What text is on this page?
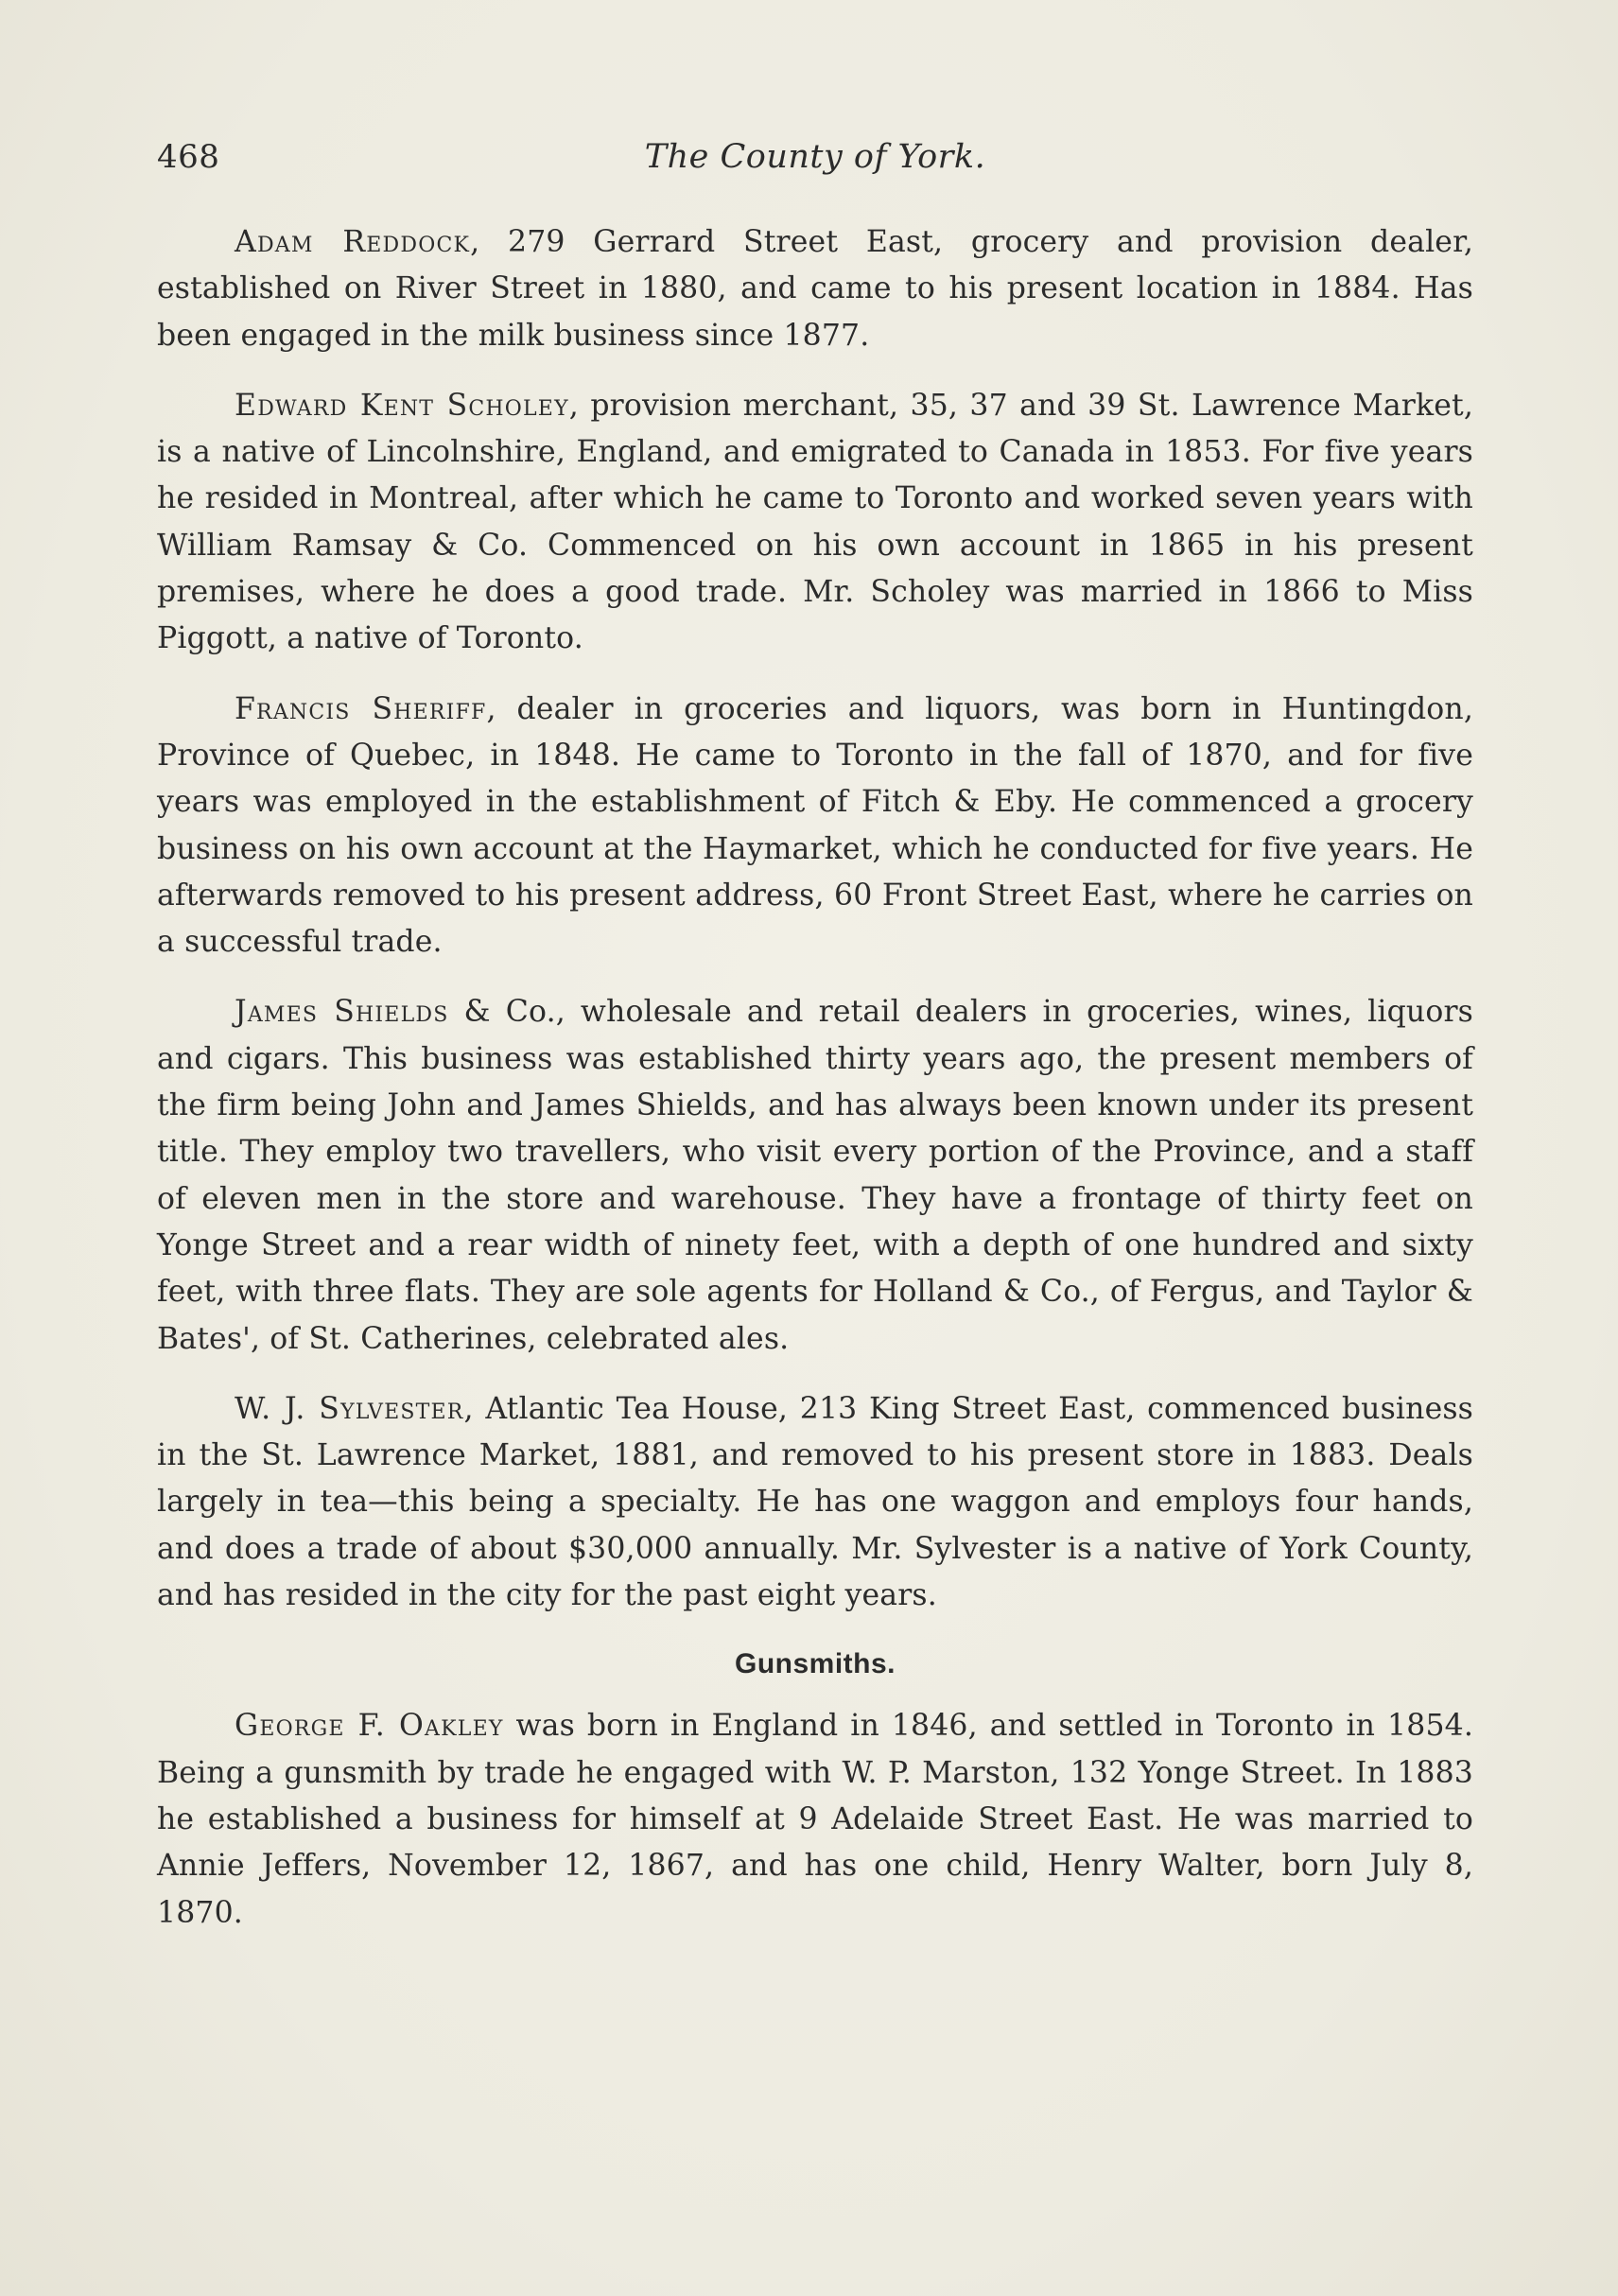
468	The County of York.

Adam Reddock, 279 Gerrard Street East, grocery and provision dealer, established on River Street in 1880, and came to his present location in 1884. Has been engaged in the milk business since 1877.

Edward Kent Scholey, provision merchant, 35, 37 and 39 St. Lawrence Market, is a native of Lincolnshire, England, and emigrated to Canada in 1853. For five years he resided in Montreal, after which he came to Toronto and worked seven years with William Ramsay & Co. Commenced on his own account in 1865 in his present premises, where he does a good trade. Mr. Scholey was married in 1866 to Miss Piggott, a native of Toronto.

Francis Sheriff, dealer in groceries and liquors, was born in Huntingdon, Province of Quebec, in 1848. He came to Toronto in the fall of 1870, and for five years was employed in the establishment of Fitch & Eby. He commenced a grocery business on his own account at the Haymarket, which he conducted for five years. He afterwards removed to his present address, 60 Front Street East, where he carries on a successful trade.

James Shields & Co., wholesale and retail dealers in groceries, wines, liquors and cigars. This business was established thirty years ago, the present members of the firm being John and James Shields, and has always been known under its present title. They employ two travellers, who visit every portion of the Province, and a staff of eleven men in the store and warehouse. They have a frontage of thirty feet on Yonge Street and a rear width of ninety feet, with a depth of one hundred and sixty feet, with three flats. They are sole agents for Holland & Co., of Fergus, and Taylor & Bates', of St. Catherines, celebrated ales.

W. J. Sylvester, Atlantic Tea House, 213 King Street East, commenced business in the St. Lawrence Market, 1881, and removed to his present store in 1883. Deals largely in tea—this being a specialty. He has one waggon and employs four hands, and does a trade of about $30,000 annually. Mr. Sylvester is a native of York County, and has resided in the city for the past eight years.

Gunsmiths.

George F. Oakley was born in England in 1846, and settled in Toronto in 1854. Being a gunsmith by trade he engaged with W. P. Marston, 132 Yonge Street. In 1883 he established a business for himself at 9 Adelaide Street East. He was married to Annie Jeffers, November 12, 1867, and has one child, Henry Walter, born July 8, 1870.
